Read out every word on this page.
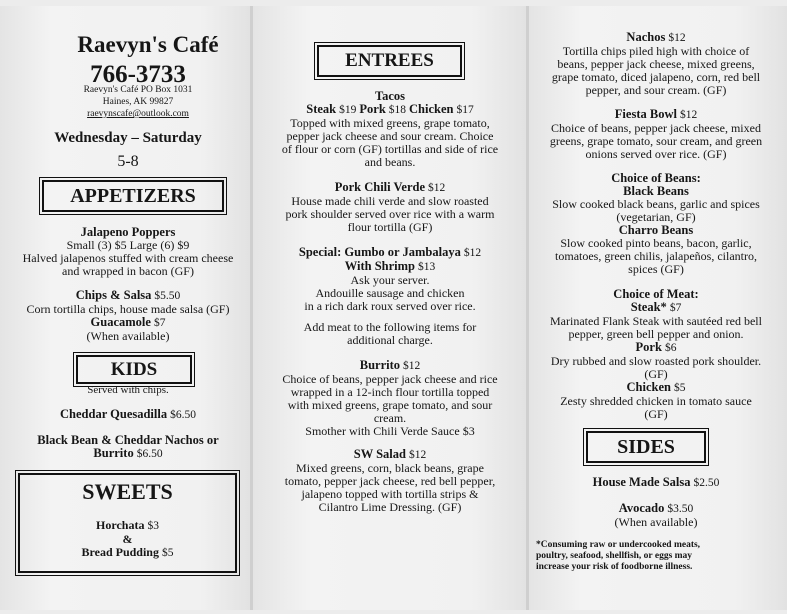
Raevyn's Café
766-3733
Raevyn's Café PO Box 1031
Haines, AK 99827
raevynscafe@outlook.com
Wednesday – Saturday
5-8
APPETIZERS
Jalapeno Poppers
Small (3) $5 Large (6) $9
Halved jalapenos stuffed with cream cheese
and wrapped in bacon (GF)
Chips & Salsa $5.50
Corn tortilla chips, house made salsa (GF)
Guacamole $7
(When available)
KIDS
Served with chips.
Cheddar Quesadilla $6.50
Black Bean & Cheddar Nachos or
Burrito $6.50
SWEETS
Horchata $3
&
Bread Pudding $5
ENTREES
Tacos
Steak $19 Pork $18 Chicken $17
Topped with mixed greens, grape tomato,
pepper jack cheese and sour cream. Choice
of flour or corn (GF) tortillas and side of rice
and beans.
Pork Chili Verde $12
House made chili verde and slow roasted
pork shoulder served over rice with a warm
flour tortilla (GF)
Special: Gumbo or Jambalaya $12
With Shrimp $13
Ask your server.
Andouille sausage and chicken
in a rich dark roux served over rice.
Add meat to the following items for
additional charge.
Burrito $12
Choice of beans, pepper jack cheese and rice
wrapped in a 12-inch flour tortilla topped
with mixed greens, grape tomato, and sour
cream.
Smother with Chili Verde Sauce $3
SW Salad $12
Mixed greens, corn, black beans, grape
tomato, pepper jack cheese, red bell pepper,
jalapeno topped with tortilla strips &
Cilantro Lime Dressing. (GF)
Nachos $12
Tortilla chips piled high with choice of
beans, pepper jack cheese, mixed greens,
grape tomato, diced jalapeno, corn, red bell
pepper, and sour cream. (GF)
Fiesta Bowl $12
Choice of beans, pepper jack cheese, mixed
greens, grape tomato, sour cream, and green
onions served over rice. (GF)
Choice of Beans:
Black Beans
Slow cooked black beans, garlic and spices
(vegetarian, GF)
Charro Beans
Slow cooked pinto beans, bacon, garlic,
tomatoes, green chilis, jalapeños, cilantro,
spices (GF)
Choice of Meat:
Steak* $7
Marinated Flank Steak with sautéed red bell
pepper, green bell pepper and onion.
Pork $6
Dry rubbed and slow roasted pork shoulder.
(GF)
Chicken $5
Zesty shredded chicken in tomato sauce
(GF)
SIDES
House Made Salsa $2.50
Avocado $3.50
(When available)
*Consuming raw or undercooked meats,
poultry, seafood, shellfish, or eggs may
increase your risk of foodborne illness.
